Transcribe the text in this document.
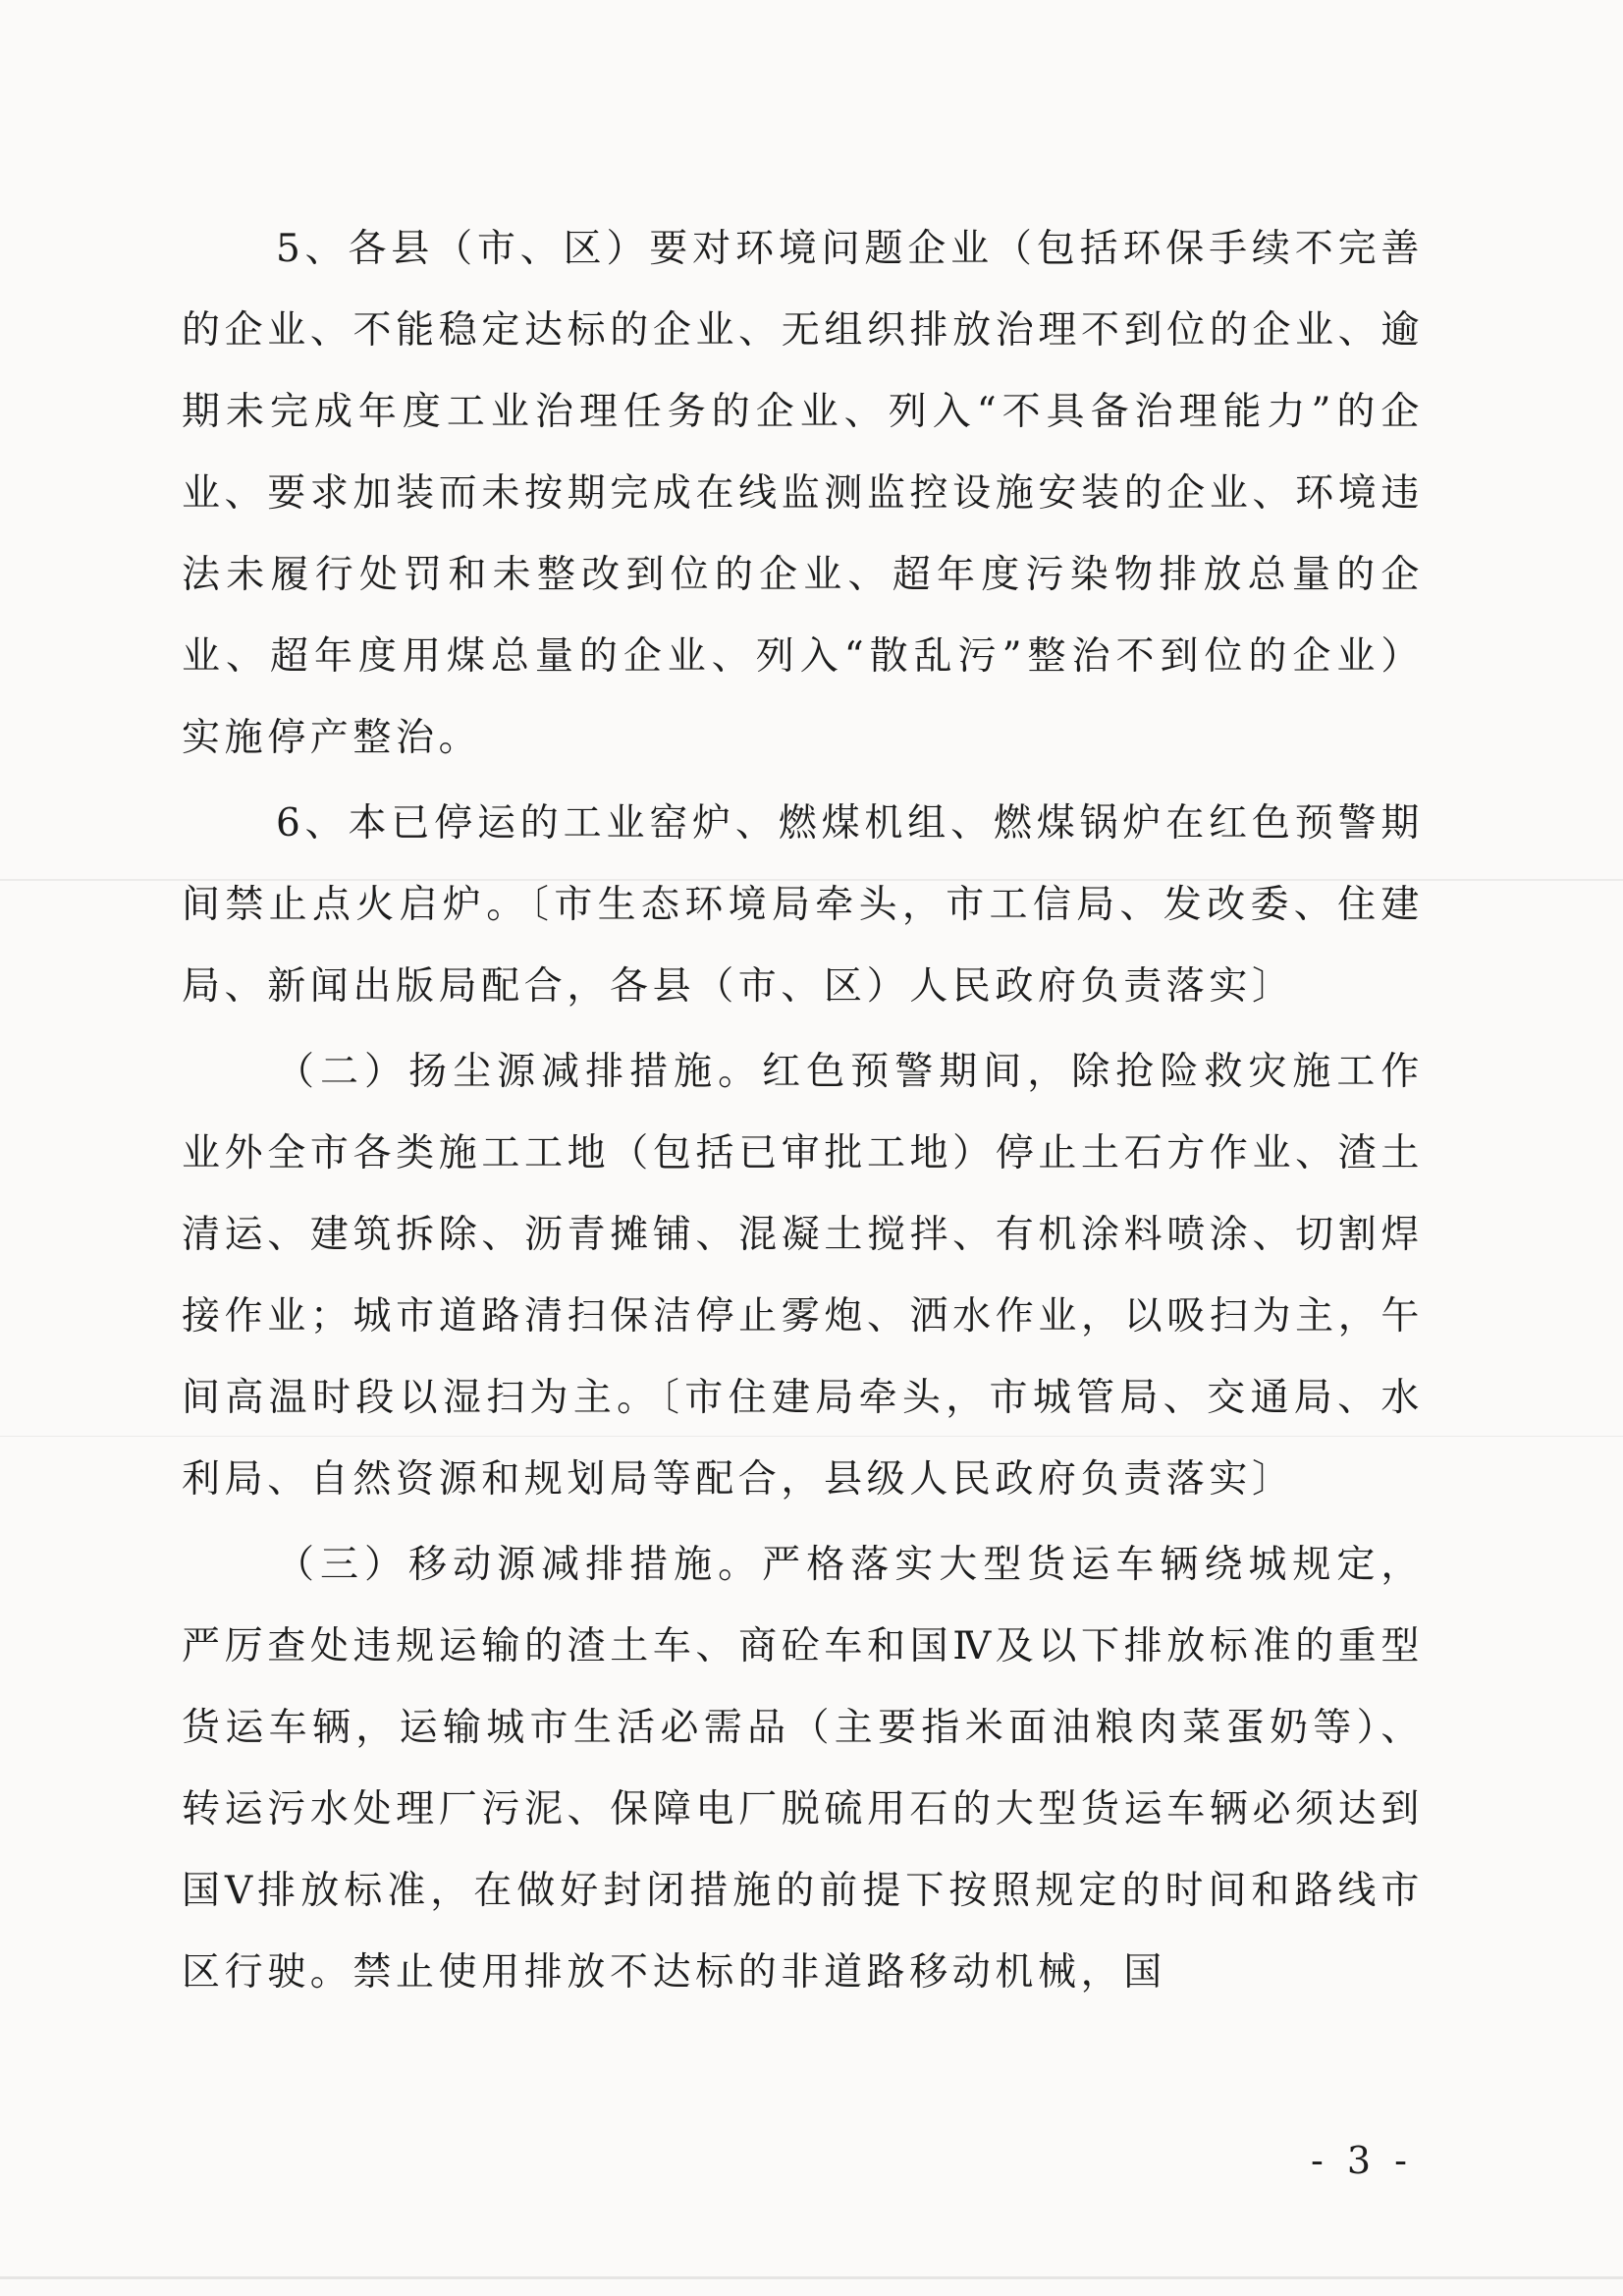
5、各县（市、区）要对环境问题企业（包括环保手续不完善的企业、不能稳定达标的企业、无组织排放治理不到位的企业、逾期未完成年度工业治理任务的企业、列入“不具备治理能力”的企业、要求加装而未按期完成在线监测监控设施安装的企业、环境违法未履行处罚和未整改到位的企业、超年度污染物排放总量的企业、超年度用煤总量的企业、列入“散乱污”整治不到位的企业）实施停产整治。

6、本已停运的工业窑炉、燃煤机组、燃煤锅炉在红色预警期间禁止点火启炉。〔市生态环境局牵头，市工信局、发改委、住建局、新闻出版局配合，各县（市、区）人民政府负责落实〕

（二）扬尘源减排措施。红色预警期间，除抢险救灾施工作业外全市各类施工工地（包括已审批工地）停止土石方作业、渣土清运、建筑拆除、沥青摊铺、混凝土搅拌、有机涂料喷涂、切割焊接作业；城市道路清扫保洁停止雾炮、洒水作业，以吸扫为主，午间高温时段以湿扫为主。〔市住建局牵头，市城管局、交通局、水利局、自然资源和规划局等配合，县级人民政府负责落实〕

（三）移动源减排措施。严格落实大型货运车辆绕城规定，严厉查处违规运输的渣土车、商砼车和国Ⅳ及以下排放标准的重型货运车辆，运输城市生活必需品（主要指米面油粮肉菜蛋奶等）、转运污水处理厂污泥、保障电厂脱硫用石的大型货运车辆必须达到国Ⅴ排放标准，在做好封闭措施的前提下按照规定的时间和路线市区行驶。禁止使用排放不达标的非道路移动机械，国

- 3 -
